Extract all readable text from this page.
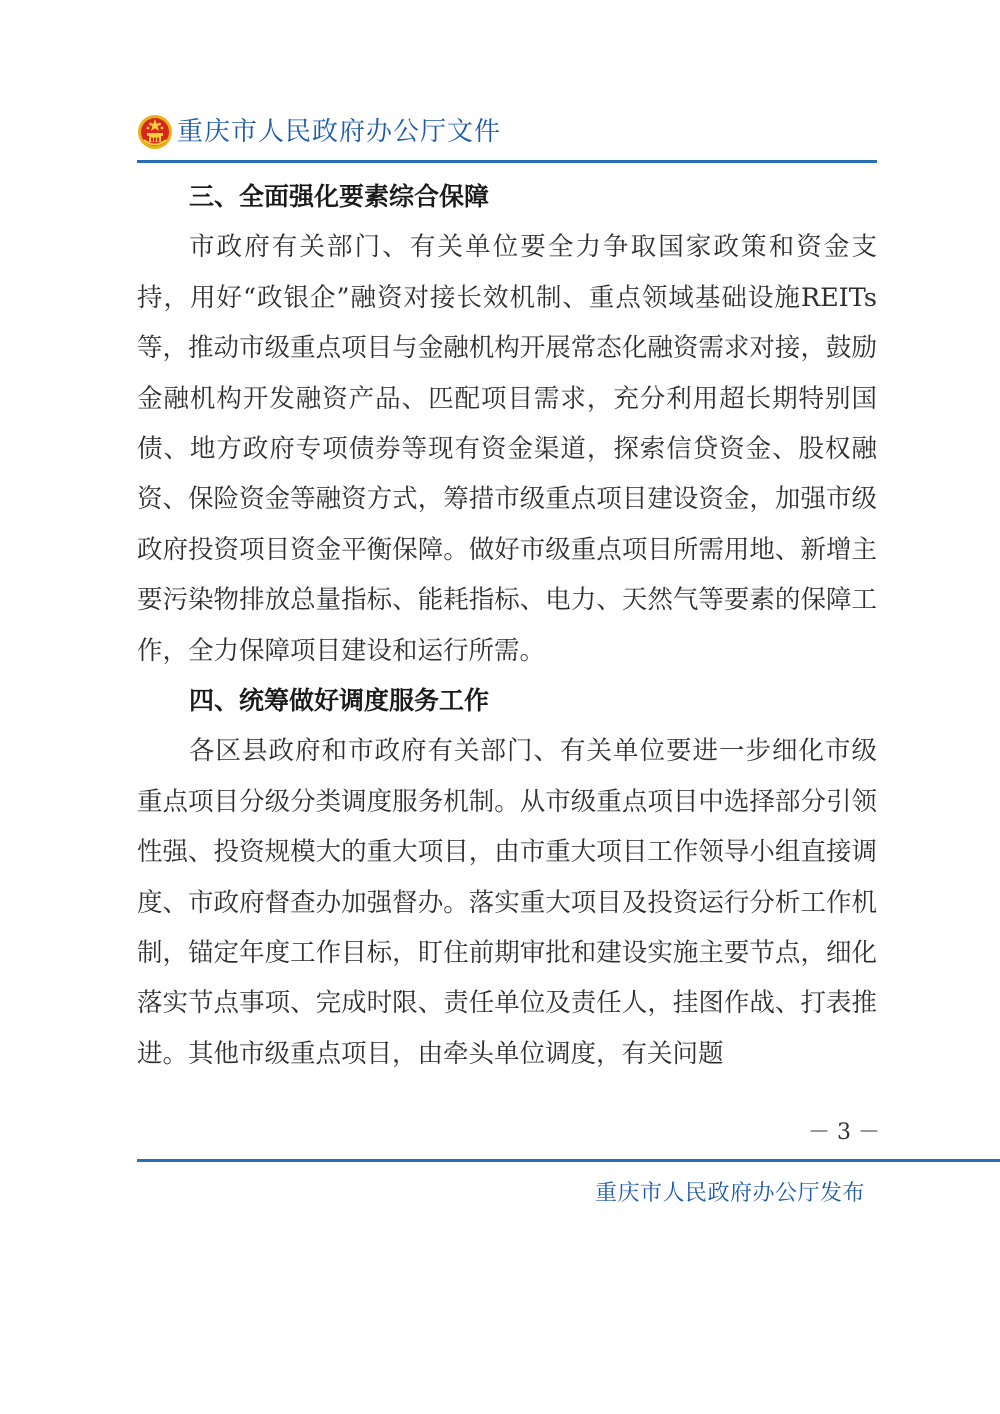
重庆市人民政府办公厅文件
三、全面强化要素综合保障

市政府有关部门、有关单位要全力争取国家政策和资金支持，用好“政银企”融资对接长效机制、重点领域基础设施REITs等，推动市级重点项目与金融机构开展常态化融资需求对接，鼓励金融机构开发融资产品、匹配项目需求，充分利用超长期特别国债、地方政府专项债券等现有资金渠道，探索信贷资金、股权融资、保险资金等融资方式，筹措市级重点项目建设资金，加强市级政府投资项目资金平衡保障。做好市级重点项目所需用地、新增主要污染物排放总量指标、能耗指标、电力、天然气等要素的保障工作，全力保障项目建设和运行所需。

四、统筹做好调度服务工作

各区县政府和市政府有关部门、有关单位要进一步细化市级重点项目分级分类调度服务机制。从市级重点项目中选择部分引领性强、投资规模大的重大项目，由市重大项目工作领导小组直接调度、市政府督查办加强督办。落实重大项目及投资运行分析工作机制，锚定年度工作目标，盯住前期审批和建设实施主要节点，细化落实节点事项、完成时限、责任单位及责任人，挂图作战、打表推进。其他市级重点项目，由牵头单位调度，有关问题

－ 3 －
重庆市人民政府办公厅发布
